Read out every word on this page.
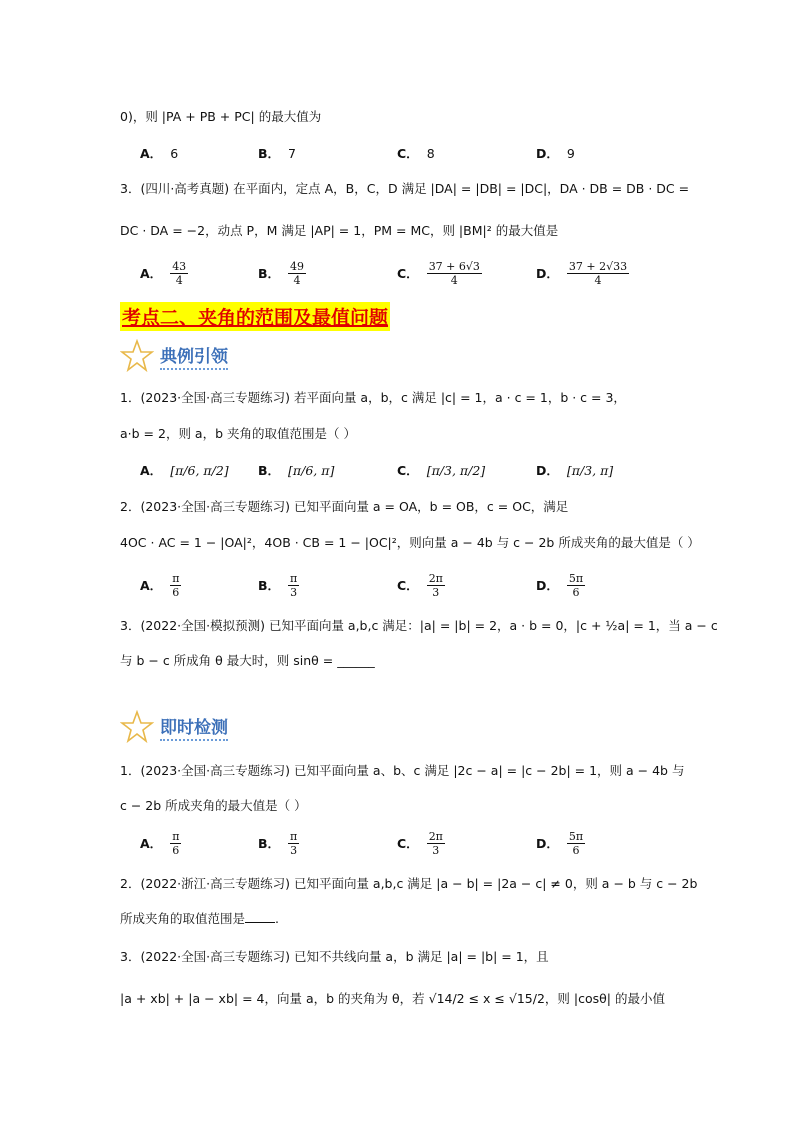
0)，则 |PA + PB + PC| 的最大值为
A． 6	B． 7	C． 8	D． 9
3．(四川·高考真题) 在平面内，定点 A，B，C，D 满足 |DA| = |DB| = |DC|，DA · DB = DB · DC =
DC · DA = −2，动点 P，M 满足 |AP| = 1，PM = MC，则 |BM|² 的最大值是
A． $\frac{43}{4}$	B． $\frac{49}{4}$	C． $\frac{37 + 6√3}{4}$	D． $\frac{37 + 2√33}{4}$
考点二、夹角的范围及最值问题
典例引领
1．(2023·全国·高三专题练习) 若平面向量 a，b，c 满足 |c| = 1，a · c = 1，b · c = 3，
a·b = 2，则 a，b 夹角的取值范围是（ ）
A． [π/6, π/2] B． [π/6, π]	C． [π/3, π/2]	D． [π/3, π]
2．(2023·全国·高三专题练习) 已知平面向量 a = OA，b = OB，c = OC，满足
4OC · AC = 1 − |OA|²，4OB · CB = 1 − |OC|²，则向量 a − 4b 与 c − 2b 所成夹角的最大值是（ ）
A． $\frac{\pi}{6}$	B． $\frac{\pi}{3}$	C． $\frac{2\pi}{3}$	D． $\frac{5\pi}{6}$
3．(2022·全国·模拟预测) 已知平面向量 a,b,c 满足：|a| = |b| = 2，a · b = 0，|c + ½a| = 1，当 a − c
与 b − c 所成角 θ 最大时，则 sinθ = ______
即时检测
1．(2023·全国·高三专题练习) 已知平面向量 a、b、c 满足 |2c − a| = |c − 2b| = 1，则 a − 4b 与
c − 2b 所成夹角的最大值是（ ）
A． $\frac{\pi}{6}$	B． $\frac{\pi}{3}$	C． $\frac{2\pi}{3}$	D． $\frac{5\pi}{6}$
2．(2022·浙江·高三专题练习) 已知平面向量 a,b,c 满足 |a − b| = |2a − c| ≠ 0，则 a − b 与 c − 2b
所成夹角的取值范围是 .
3．(2022·全国·高三专题练习) 已知不共线向量 a，b 满足 |a| = |b| = 1，且
|a + xb| + |a − xb| = 4，向量 a，b 的夹角为 θ，若 √14/2 ≤ x ≤ √15/2，则 |cosθ| 的最小值
